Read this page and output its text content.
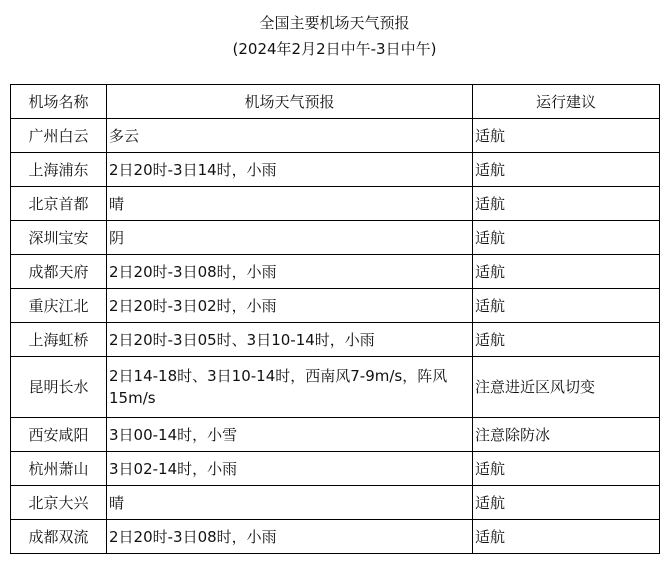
全国主要机场天气预报
(2024年2月2日中午-3日中午)
机场名称	机场天气预报	运行建议
广州白云	多云	适航
上海浦东	2日20时-3日14时，小雨	适航
北京首都	晴	适航
深圳宝安	阴	适航
成都天府	2日20时-3日08时，小雨	适航
重庆江北	2日20时-3日02时，小雨	适航
上海虹桥	2日20时-3日05时、3日10-14时，小雨	适航
昆明长水	2日14-18时、3日10-14时，西南风7-9m/s，阵风15m/s	注意进近区风切变
西安咸阳	3日00-14时，小雪	注意除防冰
杭州萧山	3日02-14时，小雨	适航
北京大兴	晴	适航
成都双流	2日20时-3日08时，小雨	适航
